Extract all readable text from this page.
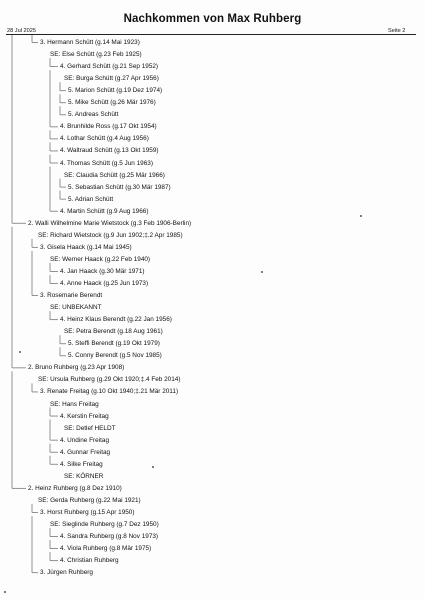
Nachkommen von Max Ruhberg
28 Jul 2025	Seite 2
3. Hermann Schütt (g.14 Mai 1923)
SE: Else Schütt (g.23 Feb 1925)
4. Gerhard Schütt (g.21 Sep 1952)
SE: Burga Schütt (g.27 Apr 1956)
5. Marion Schütt (g.19 Dez 1974)
5. Mike Schütt (g.26 Mär 1976)
5. Andreas Schütt
4. Brunhilde Ross (g.17 Okt 1954)
4. Lothar Schütt (g.4 Aug 1956)
4. Waltraud Schütt (g.13 Okt 1959)
4. Thomas Schütt (g.5 Jun 1963)
SE: Claudia Schütt (g.25 Mär 1966)
5. Sebastian Schütt (g.30 Mär 1987)
5. Adrian Schütt
4. Martin Schütt (g.9 Aug 1966)
2. Walli Wilhelmine Marie Wietstock (g.3 Feb 1906-Berlin)
SE: Richard Wietstock (g.9 Jun 1902;‡.2 Apr 1985)
3. Gisela Haack (g.14 Mai 1945)
SE: Werner Haack (g.22 Feb 1940)
4. Jan Haack (g.30 Mär 1971)
4. Anne Haack (g.25 Jun 1973)
3. Rosemarie Berendt
SE: UNBEKANNT
4. Heinz Klaus Berendt (g.22 Jan 1956)
SE: Petra Berendt (g.18 Aug 1961)
5. Steffi Berendt (g.19 Okt 1979)
5. Conny Berendt (g.5 Nov 1985)
2. Bruno Ruhberg (g.23 Apr 1908)
SE: Ursula Ruhberg (g.29 Okt 1920;‡.4 Feb 2014)
3. Renate Freitag (g.10 Okt 1940;‡.21 Mär 2011)
SE: Hans Freitag
4. Kerstin Freitag
SE: Detlef HELDT
4. Undine Freitag
4. Gunnar Freitag
4. Silke Freitag
SE: KÖRNER
2. Heinz Ruhberg (g.8 Dez 1910)
SE: Gerda Ruhberg (g.22 Mai 1921)
3. Horst Ruhberg (g.15 Apr 1950)
SE: Sieglinde Ruhberg (g.7 Dez 1950)
4. Sandra Ruhberg (g.8 Nov 1973)
4. Viola Ruhberg (g.8 Mär 1975)
4. Christian Ruhberg
3. Jürgen Ruhberg
